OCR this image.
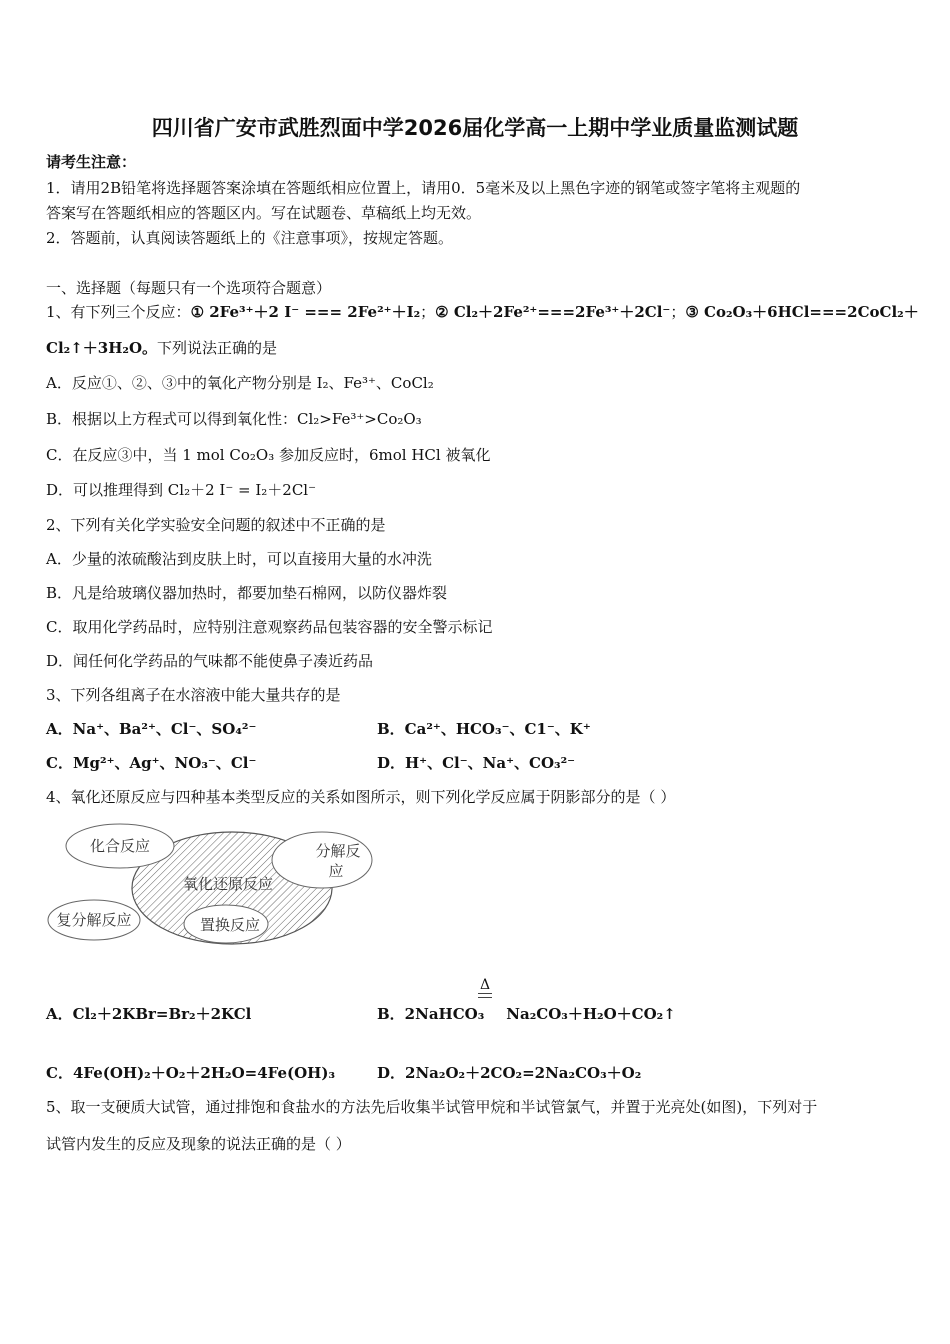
四川省广安市武胜烈面中学2026届化学高一上期中学业质量监测试题
请考生注意：
1．请用2B铅笔将选择题答案涂填在答题纸相应位置上，请用0．5毫米及以上黑色字迹的钢笔或签字笔将主观题的
答案写在答题纸相应的答题区内。写在试题卷、草稿纸上均无效。
2．答题前，认真阅读答题纸上的《注意事项》，按规定答题。
一、选择题（每题只有一个选项符合题意）
1、有下列三个反应：① 2Fe³⁺＋2 I⁻ === 2Fe²⁺＋I₂；② Cl₂＋2Fe²⁺===2Fe³⁺＋2Cl⁻；③ Co₂O₃＋6HCl===2CoCl₂＋
Cl₂↑＋3H₂O。下列说法正确的是
A．反应①、②、③中的氧化产物分别是 I₂、Fe³⁺、CoCl₂
B．根据以上方程式可以得到氧化性：Cl₂>Fe³⁺>Co₂O₃
C．在反应③中，当 1 mol Co₂O₃ 参加反应时，6mol HCl 被氧化
D．可以推理得到 Cl₂＋2 I⁻ = I₂＋2Cl⁻
2、下列有关化学实验安全问题的叙述中不正确的是
A．少量的浓硫酸沾到皮肤上时，可以直接用大量的水冲洗
B．凡是给玻璃仪器加热时，都要加垫石棉网，以防仪器炸裂
C．取用化学药品时，应特别注意观察药品包装容器的安全警示标记
D．闻任何化学药品的气味都不能使鼻子凑近药品
3、下列各组离子在水溶液中能大量共存的是
A．Na⁺、Ba²⁺、Cl⁻、SO₄²⁻	B．Ca²⁺、HCO₃⁻、C1⁻、K⁺
C．Mg²⁺、Ag⁺、NO₃⁻、Cl⁻	D．H⁺、Cl⁻、Na⁺、CO₃²⁻
4、氧化还原反应与四种基本类型反应的关系如图所示，则下列化学反应属于阴影部分的是（ ）
化合反应	分解反
应
氧化还原反应
复分解反应	置换反应
Δ
A．Cl₂＋2KBr=Br₂＋2KCl	B．2NaHCO₃ Na₂CO₃＋H₂O＋CO₂↑
C．4Fe(OH)₂＋O₂＋2H₂O=4Fe(OH)₃	D．2Na₂O₂＋2CO₂=2Na₂CO₃＋O₂
5、取一支硬质大试管，通过排饱和食盐水的方法先后收集半试管甲烷和半试管氯气，并置于光亮处(如图)，下列对于
试管内发生的反应及现象的说法正确的是（ ）
